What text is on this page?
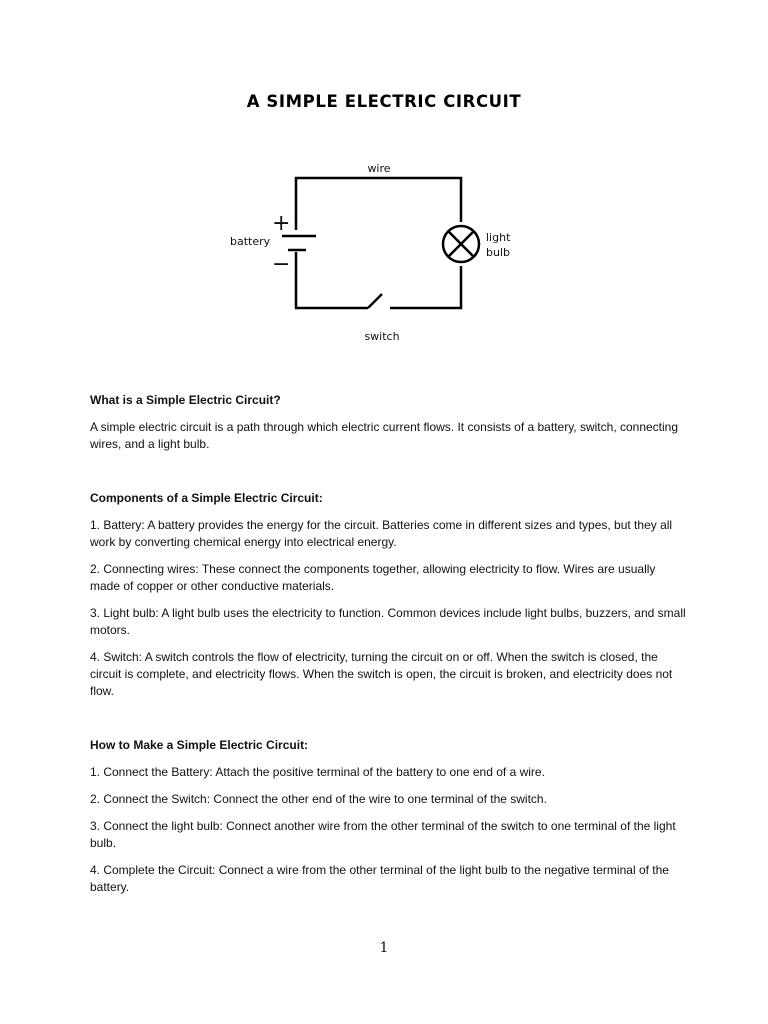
A SIMPLE ELECTRIC CIRCUIT
wire
battery
+
−
light
bulb
switch
What is a Simple Electric Circuit?

A simple electric circuit is a path through which electric current flows. It consists of a battery, switch, connecting wires, and a light bulb.

Components of a Simple Electric Circuit:

1. Battery: A battery provides the energy for the circuit. Batteries come in different sizes and types, but they all work by converting chemical energy into electrical energy.

2. Connecting wires: These connect the components together, allowing electricity to flow. Wires are usually made of copper or other conductive materials.

3. Light bulb: A light bulb uses the electricity to function. Common devices include light bulbs, buzzers, and small motors.

4. Switch: A switch controls the flow of electricity, turning the circuit on or off. When the switch is closed, the circuit is complete, and electricity flows. When the switch is open, the circuit is broken, and electricity does not flow.

How to Make a Simple Electric Circuit:

1. Connect the Battery: Attach the positive terminal of the battery to one end of a wire.

2. Connect the Switch: Connect the other end of the wire to one terminal of the switch.

3. Connect the light bulb: Connect another wire from the other terminal of the switch to one terminal of the light bulb.

4. Complete the Circuit: Connect a wire from the other terminal of the light bulb to the negative terminal of the battery.

1
